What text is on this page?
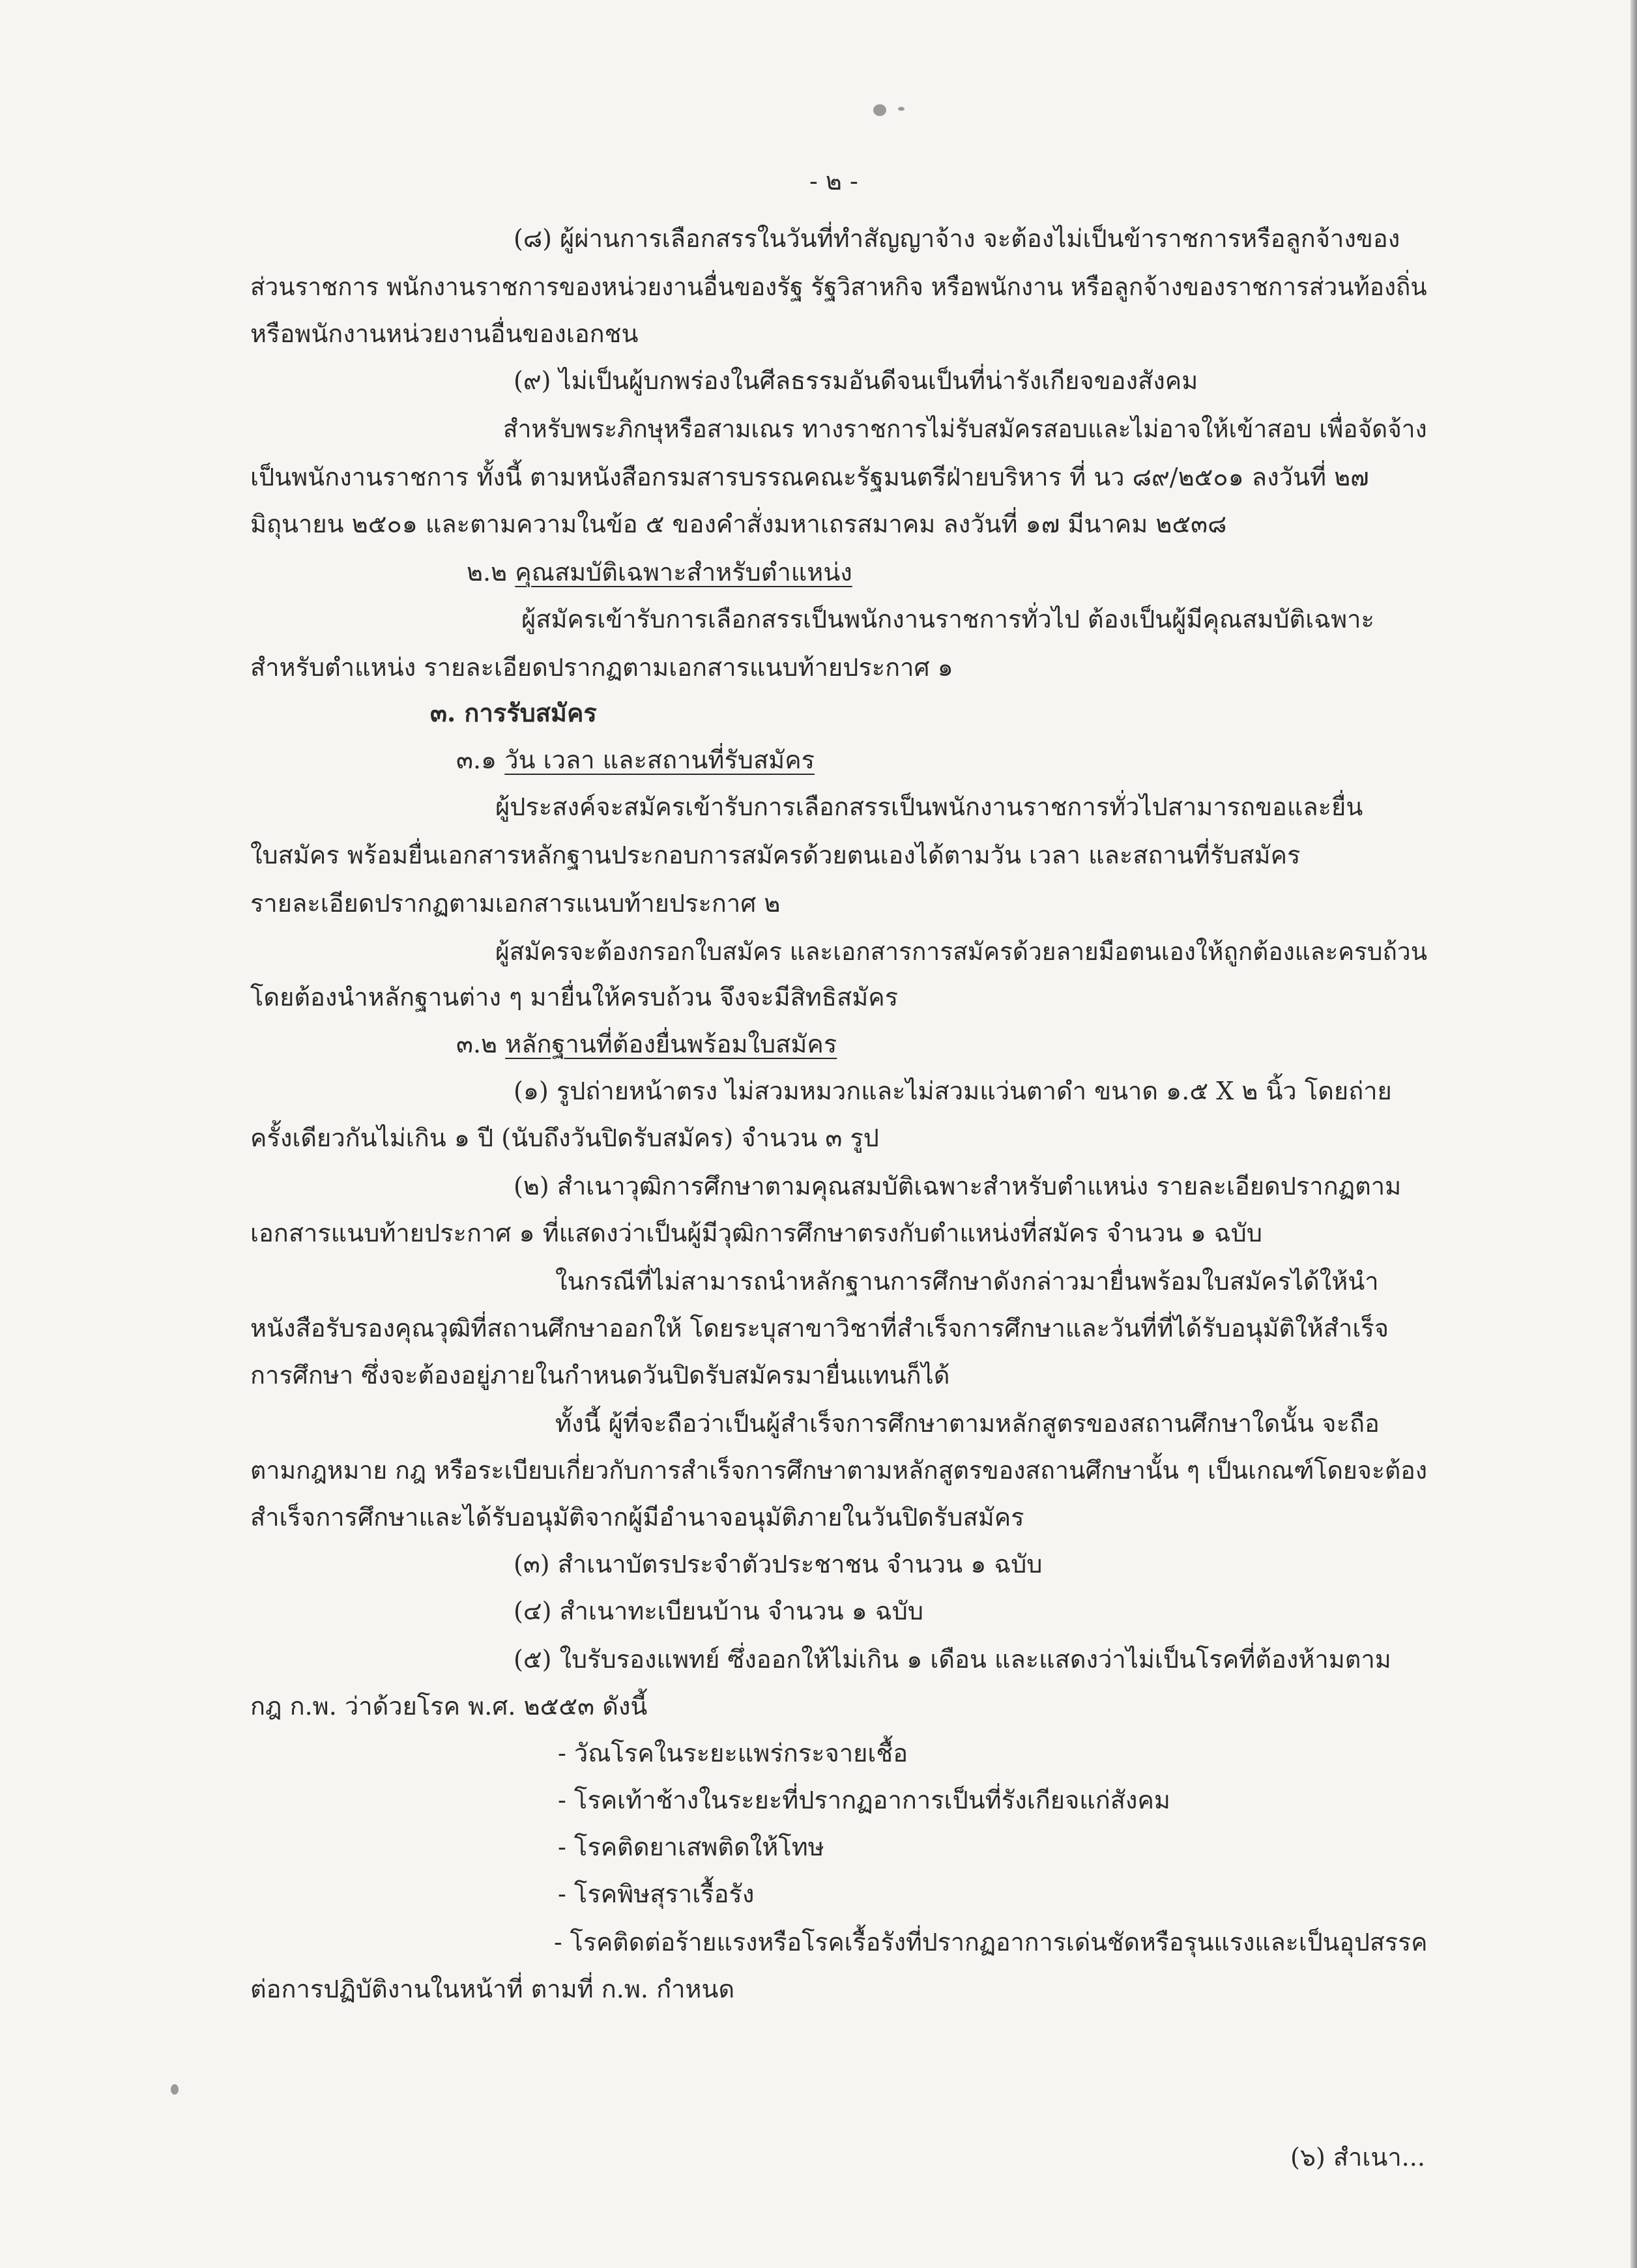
- ๒ -
(๘) ผู้ผ่านการเลือกสรรในวันที่ทำสัญญาจ้าง จะต้องไม่เป็นข้าราชการหรือลูกจ้างของ
ส่วนราชการ พนักงานราชการของหน่วยงานอื่นของรัฐ รัฐวิสาหกิจ หรือพนักงาน หรือลูกจ้างของราชการส่วนท้องถิ่น
หรือพนักงานหน่วยงานอื่นของเอกชน
(๙) ไม่เป็นผู้บกพร่องในศีลธรรมอันดีจนเป็นที่น่ารังเกียจของสังคม
สำหรับพระภิกษุหรือสามเณร ทางราชการไม่รับสมัครสอบและไม่อาจให้เข้าสอบ เพื่อจัดจ้าง
เป็นพนักงานราชการ ทั้งนี้ ตามหนังสือกรมสารบรรณคณะรัฐมนตรีฝ่ายบริหาร ที่ นว ๘๙/๒๕๐๑ ลงวันที่ ๒๗
มิถุนายน ๒๕๐๑ และตามความในข้อ ๕ ของคำสั่งมหาเถรสมาคม ลงวันที่ ๑๗ มีนาคม ๒๕๓๘
๒.๒ คุณสมบัติเฉพาะสำหรับตำแหน่ง
ผู้สมัครเข้ารับการเลือกสรรเป็นพนักงานราชการทั่วไป ต้องเป็นผู้มีคุณสมบัติเฉพาะ
สำหรับตำแหน่ง รายละเอียดปรากฏตามเอกสารแนบท้ายประกาศ ๑
๓. การรับสมัคร
๓.๑ วัน เวลา และสถานที่รับสมัคร
ผู้ประสงค์จะสมัครเข้ารับการเลือกสรรเป็นพนักงานราชการทั่วไปสามารถขอและยื่น
ใบสมัคร พร้อมยื่นเอกสารหลักฐานประกอบการสมัครด้วยตนเองได้ตามวัน เวลา และสถานที่รับสมัคร
รายละเอียดปรากฏตามเอกสารแนบท้ายประกาศ ๒
ผู้สมัครจะต้องกรอกใบสมัคร และเอกสารการสมัครด้วยลายมือตนเองให้ถูกต้องและครบถ้วน
โดยต้องนำหลักฐานต่าง ๆ มายื่นให้ครบถ้วน จึงจะมีสิทธิสมัคร
๓.๒ หลักฐานที่ต้องยื่นพร้อมใบสมัคร
(๑) รูปถ่ายหน้าตรง ไม่สวมหมวกและไม่สวมแว่นตาดำ ขนาด ๑.๕ X ๒ นิ้ว โดยถ่าย
ครั้งเดียวกันไม่เกิน ๑ ปี (นับถึงวันปิดรับสมัคร) จำนวน ๓ รูป
(๒) สำเนาวุฒิการศึกษาตามคุณสมบัติเฉพาะสำหรับตำแหน่ง รายละเอียดปรากฏตาม
เอกสารแนบท้ายประกาศ ๑ ที่แสดงว่าเป็นผู้มีวุฒิการศึกษาตรงกับตำแหน่งที่สมัคร จำนวน ๑ ฉบับ
ในกรณีที่ไม่สามารถนำหลักฐานการศึกษาดังกล่าวมายื่นพร้อมใบสมัครได้ให้นำ
หนังสือรับรองคุณวุฒิที่สถานศึกษาออกให้ โดยระบุสาขาวิชาที่สำเร็จการศึกษาและวันที่ที่ได้รับอนุมัติให้สำเร็จ
การศึกษา ซึ่งจะต้องอยู่ภายในกำหนดวันปิดรับสมัครมายื่นแทนก็ได้
ทั้งนี้ ผู้ที่จะถือว่าเป็นผู้สำเร็จการศึกษาตามหลักสูตรของสถานศึกษาใดนั้น จะถือ
ตามกฎหมาย กฎ หรือระเบียบเกี่ยวกับการสำเร็จการศึกษาตามหลักสูตรของสถานศึกษานั้น ๆ เป็นเกณฑ์โดยจะต้อง
สำเร็จการศึกษาและได้รับอนุมัติจากผู้มีอำนาจอนุมัติภายในวันปิดรับสมัคร
(๓) สำเนาบัตรประจำตัวประชาชน จำนวน ๑ ฉบับ
(๔) สำเนาทะเบียนบ้าน จำนวน ๑ ฉบับ
(๕) ใบรับรองแพทย์ ซึ่งออกให้ไม่เกิน ๑ เดือน และแสดงว่าไม่เป็นโรคที่ต้องห้ามตาม
กฎ ก.พ. ว่าด้วยโรค พ.ศ. ๒๕๕๓ ดังนี้
- วัณโรคในระยะแพร่กระจายเชื้อ
- โรคเท้าช้างในระยะที่ปรากฏอาการเป็นที่รังเกียจแก่สังคม
- โรคติดยาเสพติดให้โทษ
- โรคพิษสุราเรื้อรัง
- โรคติดต่อร้ายแรงหรือโรคเรื้อรังที่ปรากฏอาการเด่นชัดหรือรุนแรงและเป็นอุปสรรค
ต่อการปฏิบัติงานในหน้าที่ ตามที่ ก.พ. กำหนด
(๖) สำเนา...
